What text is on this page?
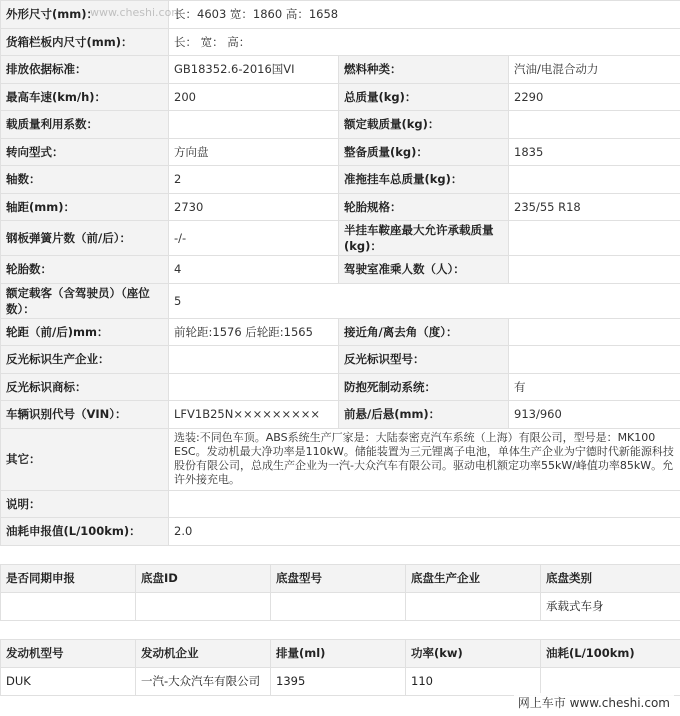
外形尺寸(mm)：	长：4603 宽：1860 高：1658		
货箱栏板内尺寸(mm)：	长： 宽： 高：		
排放依据标准：	GB18352.6-2016国VI	燃料种类：	汽油/电混合动力
最高车速(km/h)：	200	总质量(kg)：	2290
载质量利用系数：		额定载质量(kg)：	
转向型式：	方向盘	整备质量(kg)：	1835
轴数：	2	准拖挂车总质量(kg)：	
轴距(mm)：	2730	轮胎规格：	235/55 R18
钢板弹簧片数（前/后）：	-/-	半挂车鞍座最大允许承载质量(kg)：	
轮胎数：	4	驾驶室准乘人数（人）：	
额定载客（含驾驶员）（座位数）：	5		
轮距（前/后)mm：	前轮距:1576 后轮距:1565	接近角/离去角（度）：	
反光标识生产企业：		反光标识型号：	
反光标识商标：		防抱死制动系统：	有
车辆识别代号（VIN）：	LFV1B25N×××××××××	前悬/后悬(mm)：	913/960
其它：	选装:不同色车顶。ABS系统生产厂家是：大陆泰密克汽车系统（上海）有限公司，型号是：MK100 ESC。发动机最大净功率是110kW。储能装置为三元锂离子电池，单体生产企业为宁德时代新能源科技股份有限公司，总成生产企业为一汽-大众汽车有限公司。驱动电机额定功率55kW/峰值功率85kW。允许外接充电。		
说明：			
油耗申报值(L/100km)：	2.0		
是否同期申报	底盘ID	底盘型号	底盘生产企业	底盘类别
				承载式车身
发动机型号	发动机企业	排量(ml)	功率(kw)	油耗(L/100km)
DUK	一汽-大众汽车有限公司	1395	110	
www.cheshi.com
网上车市 www.cheshi.com
